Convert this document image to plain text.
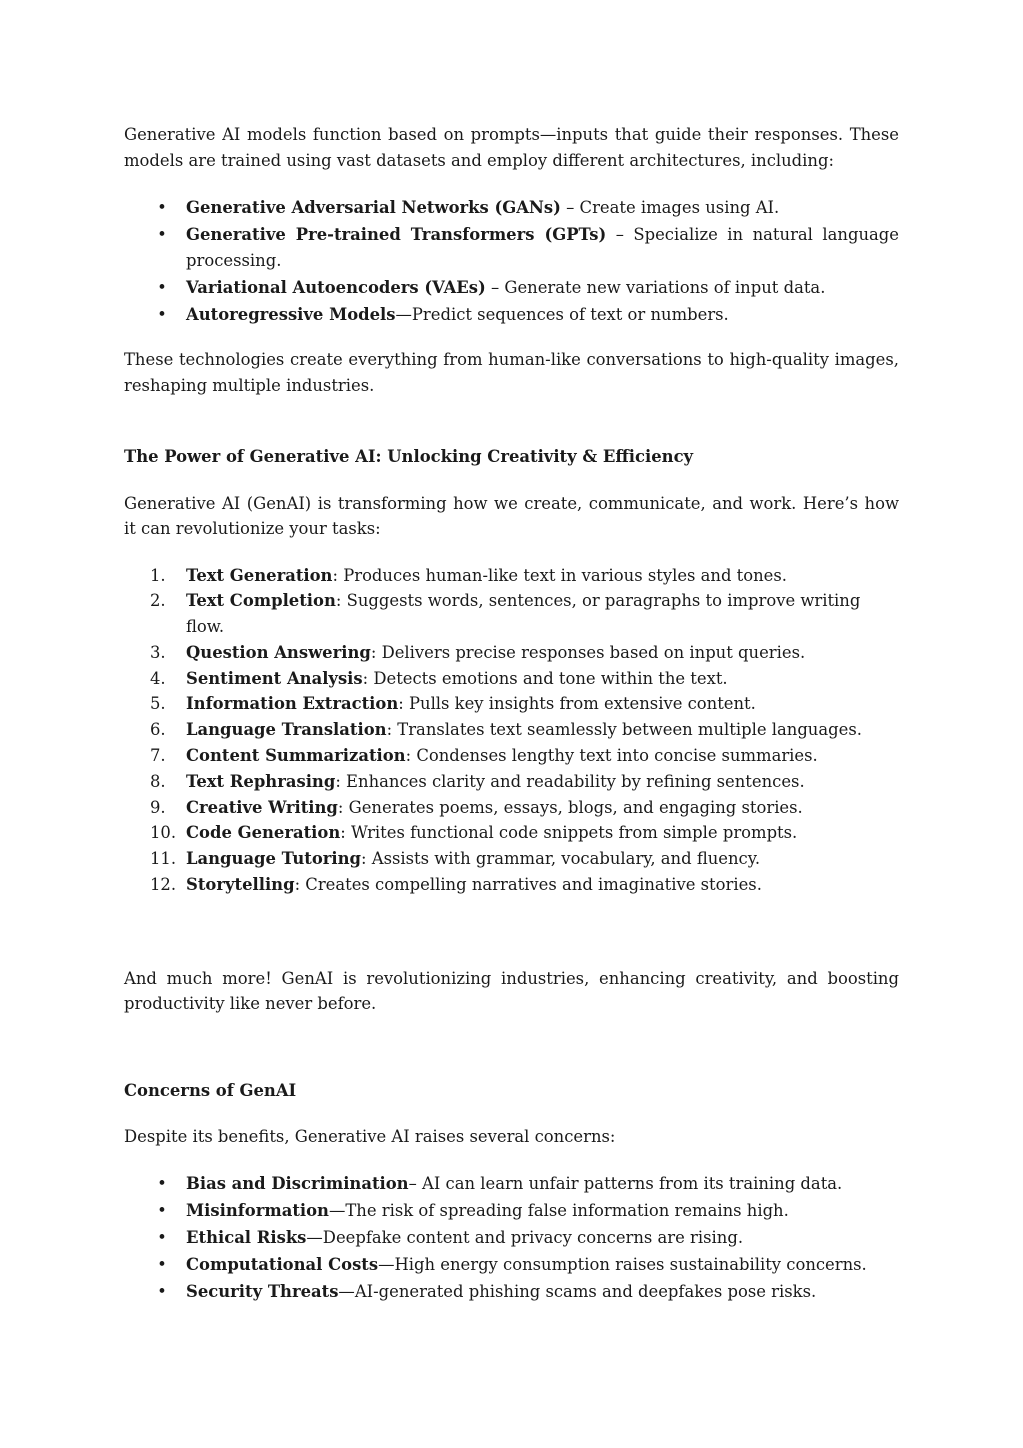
Generative AI models function based on prompts—inputs that guide their responses. These models are trained using vast datasets and employ different architectures, including:

• Generative Adversarial Networks (GANs) – Create images using AI.
• Generative Pre-trained Transformers (GPTs) – Specialize in natural language processing.
• Variational Autoencoders (VAEs) – Generate new variations of input data.
• Autoregressive Models—Predict sequences of text or numbers.

These technologies create everything from human-like conversations to high-quality images, reshaping multiple industries.

The Power of Generative AI: Unlocking Creativity & Efficiency

Generative AI (GenAI) is transforming how we create, communicate, and work. Here’s how it can revolutionize your tasks:

1.	Text Generation: Produces human-like text in various styles and tones.
2.	Text Completion: Suggests words, sentences, or paragraphs to improve writing flow.
3.	Question Answering: Delivers precise responses based on input queries.
4.	Sentiment Analysis: Detects emotions and tone within the text.
5.	Information Extraction: Pulls key insights from extensive content.
6.	Language Translation: Translates text seamlessly between multiple languages.
7.	Content Summarization: Condenses lengthy text into concise summaries.
8.	Text Rephrasing: Enhances clarity and readability by refining sentences.
9.	Creative Writing: Generates poems, essays, blogs, and engaging stories.
10. Code Generation: Writes functional code snippets from simple prompts.
11. Language Tutoring: Assists with grammar, vocabulary, and fluency.
12. Storytelling: Creates compelling narratives and imaginative stories.

And much more! GenAI is revolutionizing industries, enhancing creativity, and boosting productivity like never before.

Concerns of GenAI

Despite its benefits, Generative AI raises several concerns:

• Bias and Discrimination– AI can learn unfair patterns from its training data.
• Misinformation—The risk of spreading false information remains high.
• Ethical Risks—Deepfake content and privacy concerns are rising.
• Computational Costs—High energy consumption raises sustainability concerns.
• Security Threats—AI-generated phishing scams and deepfakes pose risks.
